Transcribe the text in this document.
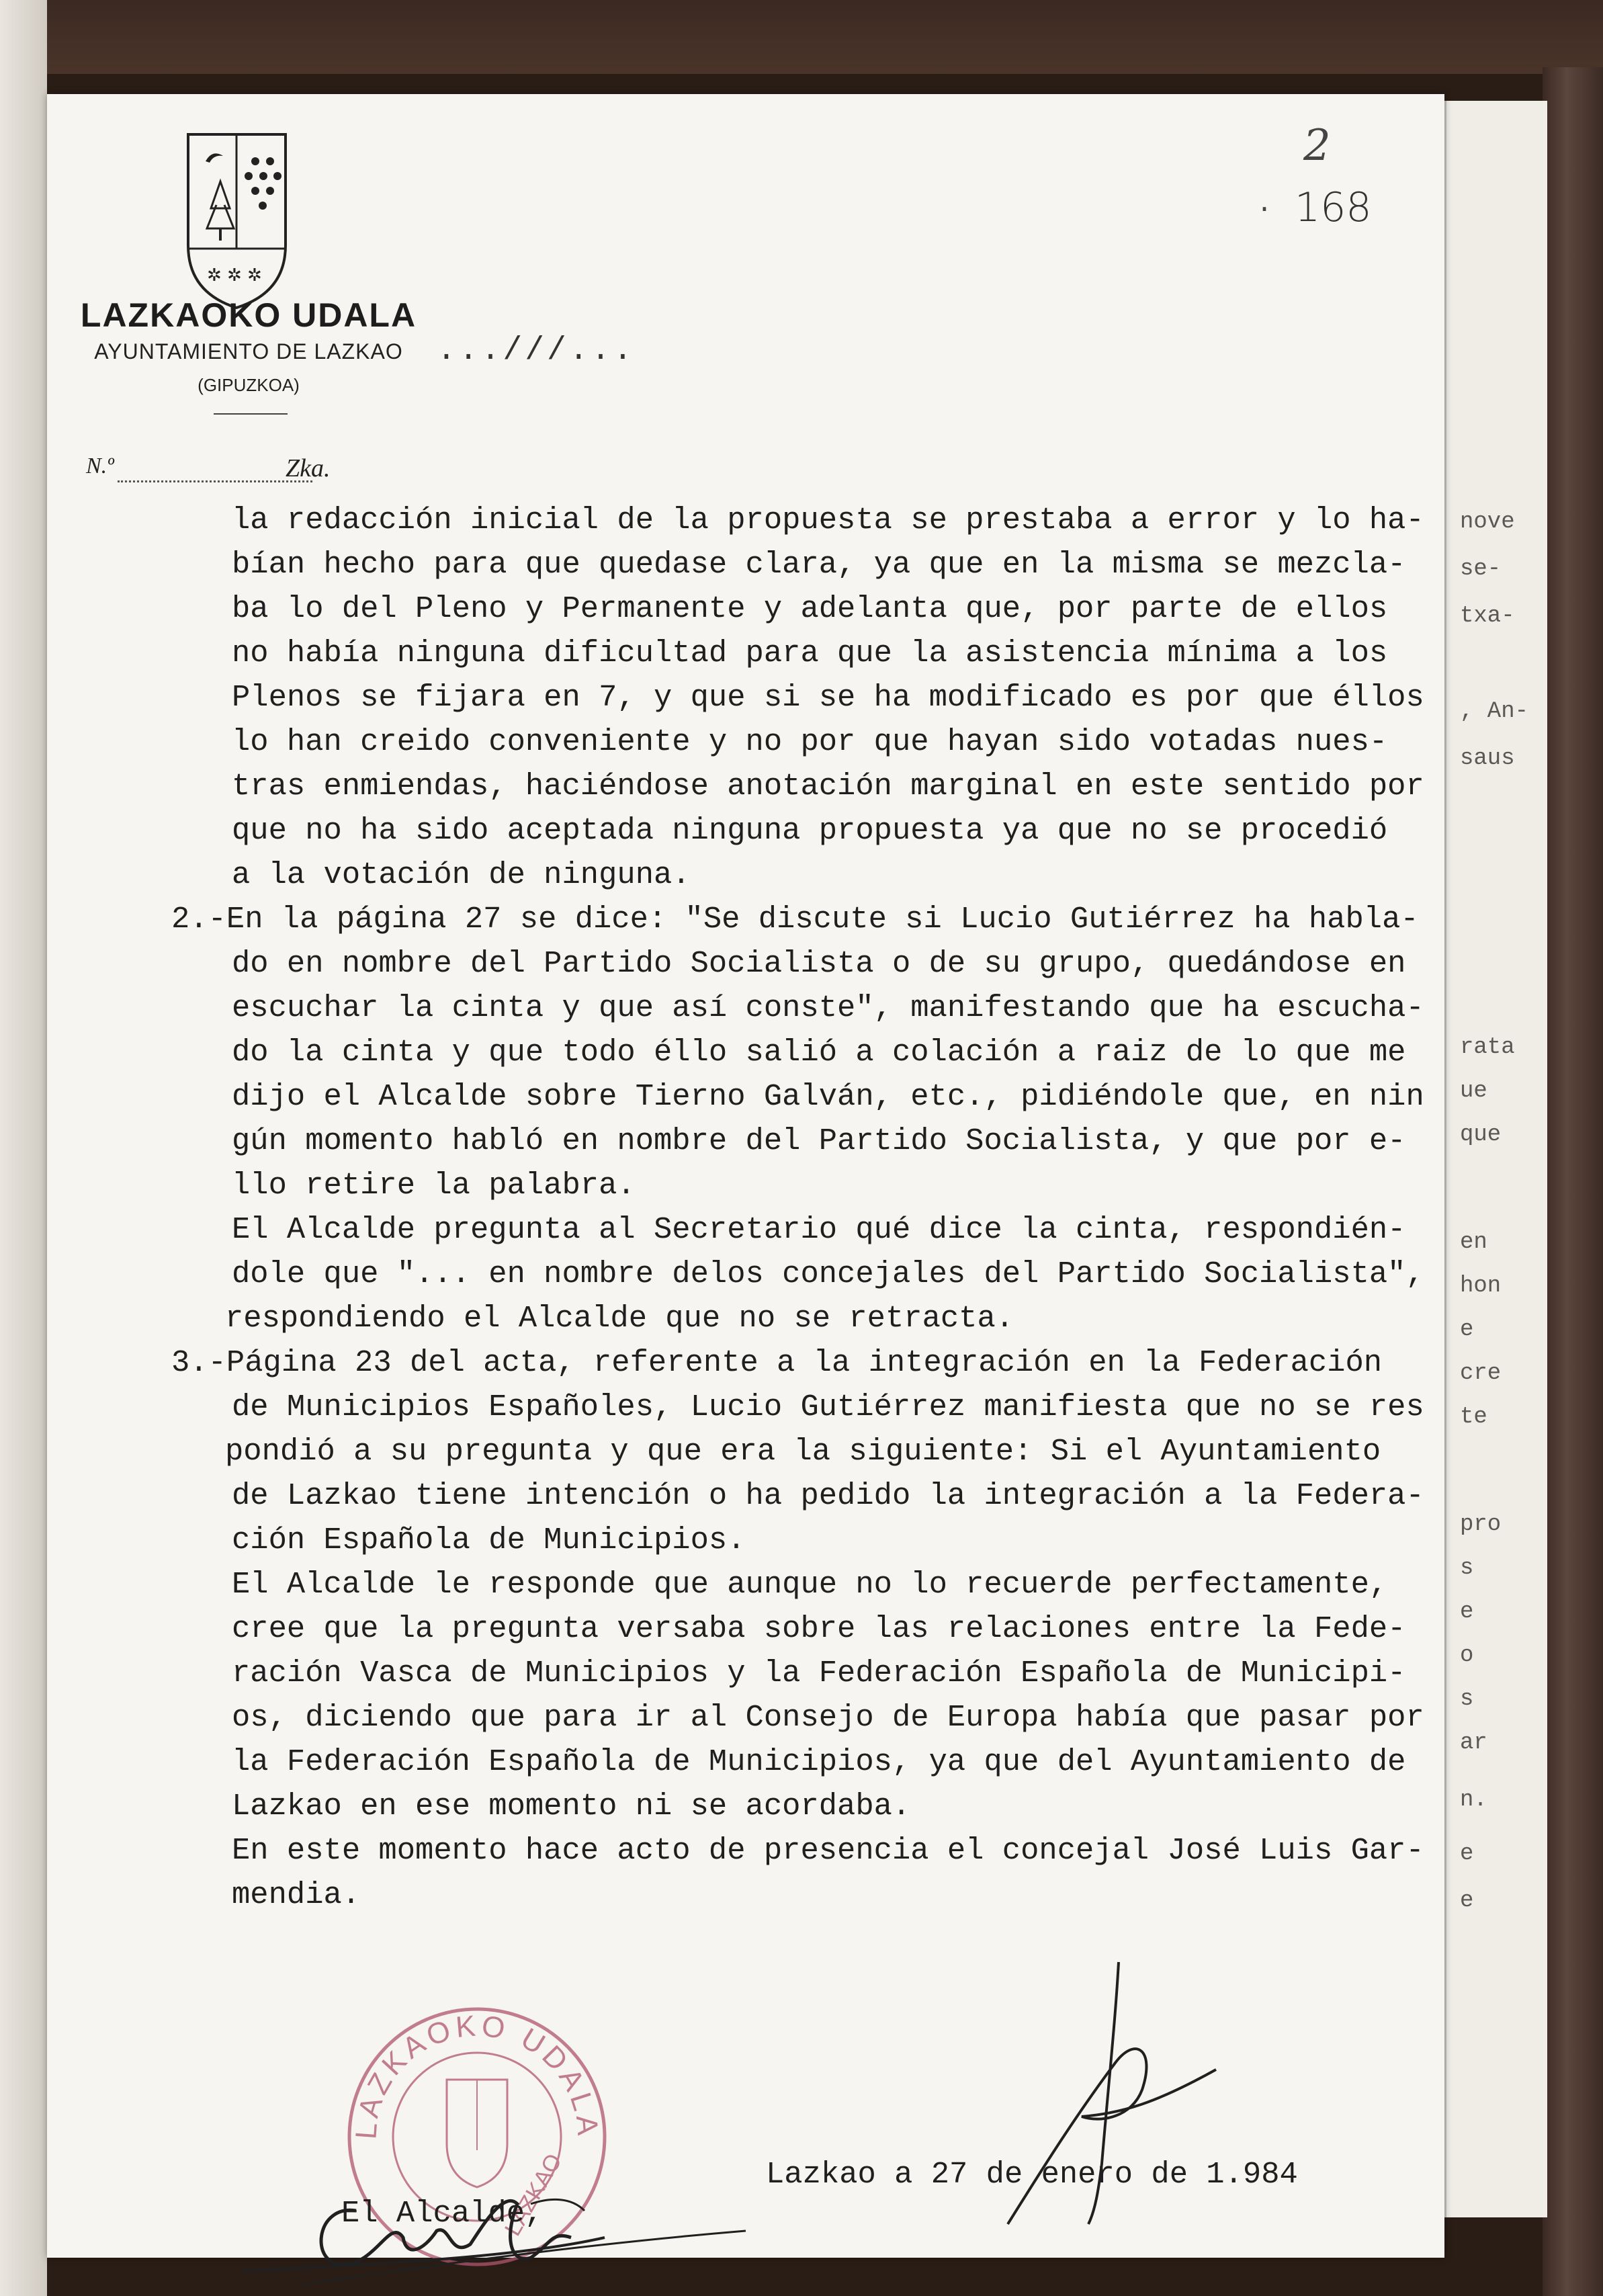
nove
se-
txa-
, An-
saus
rata
ue
que
en
hon
e
cre
te
pro
s
e
o
s
ar
n.
e
e
✲ ✲ ✲
LAZKAOKO UDALA
AYUNTAMIENTO DE LAZKAO
(GIPUZKOA)
...///...
N.º	Zka.
2
· 168
la redacción inicial de la propuesta se prestaba a error y lo ha-
bían hecho para que quedase clara, ya que en la misma se mezcla-
ba lo del Pleno y Permanente y adelanta que, por parte de ellos
no había ninguna dificultad para que la asistencia mínima a los
Plenos se fijara en 7, y que si se ha modificado es por que éllos
lo han creido conveniente y no por que hayan sido votadas nues-
tras enmiendas, haciéndose anotación marginal en este sentido por
que no ha sido aceptada ninguna propuesta ya que no se procedió
a la votación de ninguna.
2.-En la página 27 se dice: "Se discute si Lucio Gutiérrez ha habla-
do en nombre del Partido Socialista o de su grupo, quedándose en
escuchar la cinta y que así conste", manifestando que ha escucha-
do la cinta y que todo éllo salió a colación a raiz de lo que me
dijo el Alcalde sobre Tierno Galván, etc., pidiéndole que, en nin
gún momento habló en nombre del Partido Socialista, y que por e-
llo retire la palabra.
El Alcalde pregunta al Secretario qué dice la cinta, respondién-
dole que "... en nombre delos concejales del Partido Socialista",
respondiendo el Alcalde que no se retracta.
3.-Página 23 del acta, referente a la integración en la Federación
de Municipios Españoles, Lucio Gutiérrez manifiesta que no se res
pondió a su pregunta y que era la siguiente: Si el Ayuntamiento
de Lazkao tiene intención o ha pedido la integración a la Federa-
ción Española de Municipios.
El Alcalde le responde que aunque no lo recuerde perfectamente,
cree que la pregunta versaba sobre las relaciones entre la Fede-
ración Vasca de Municipios y la Federación Española de Municipi-
os, diciendo que para ir al Consejo de Europa había que pasar por
la Federación Española de Municipios, ya que del Ayuntamiento de
Lazkao en ese momento ni se acordaba.
En este momento hace acto de presencia el concejal José Luis Gar-
mendia.
LAZKAOKO UDALA
LAZKAO	Lazkao a 27 de enero de 1.984
El Alcalde,
